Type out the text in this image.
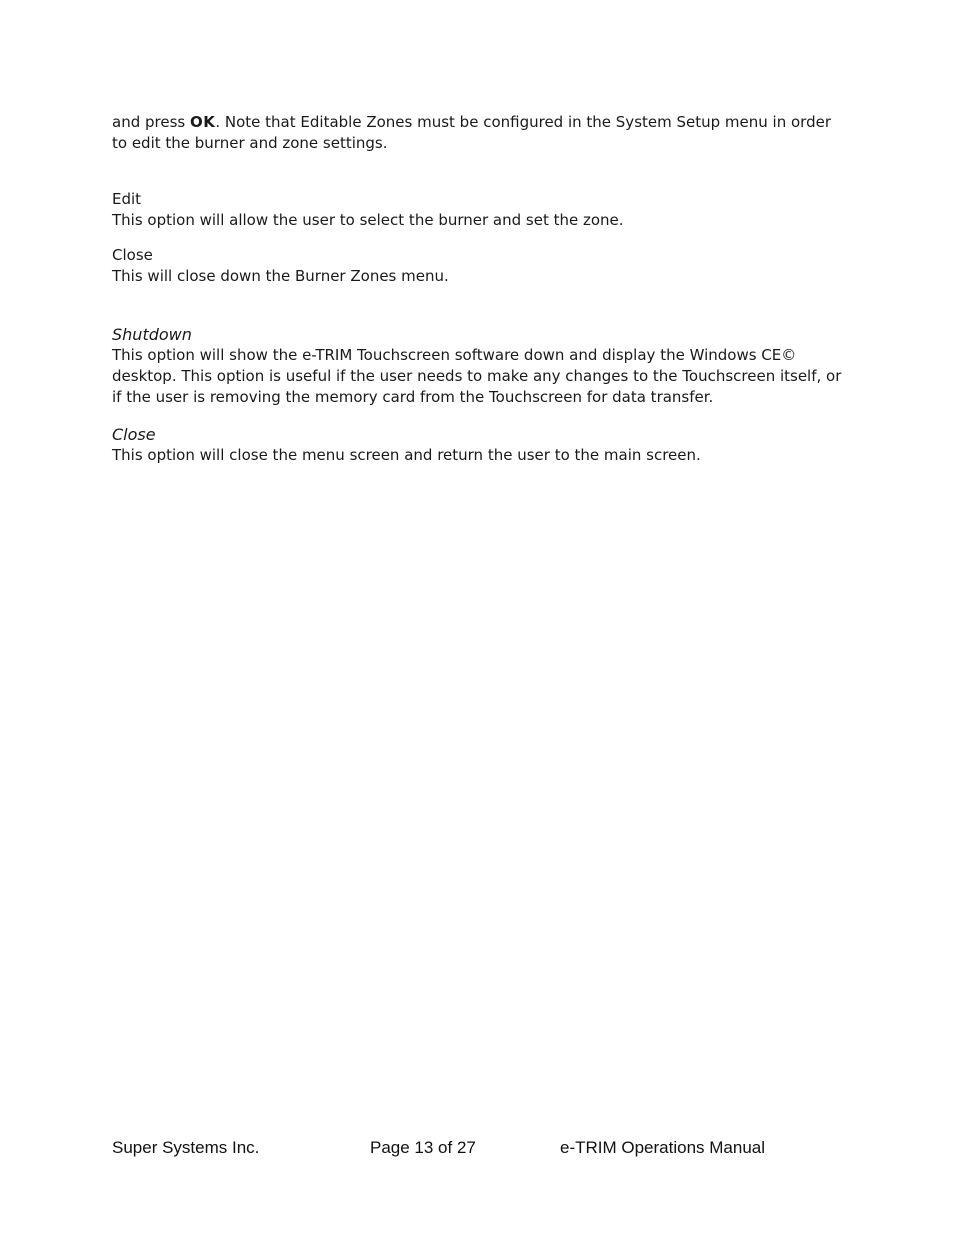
and press OK. Note that Editable Zones must be configured in the System Setup menu in order to edit the burner and zone settings.

Edit

This option will allow the user to select the burner and set the zone.

Close

This will close down the Burner Zones menu.

Shutdown

This option will show the e-TRIM Touchscreen software down and display the Windows CE© desktop. This option is useful if the user needs to make any changes to the Touchscreen itself, or if the user is removing the memory card from the Touchscreen for data transfer.

Close

This option will close the menu screen and return the user to the main screen.

Super Systems Inc.	Page 13 of 27	e-TRIM Operations Manual
